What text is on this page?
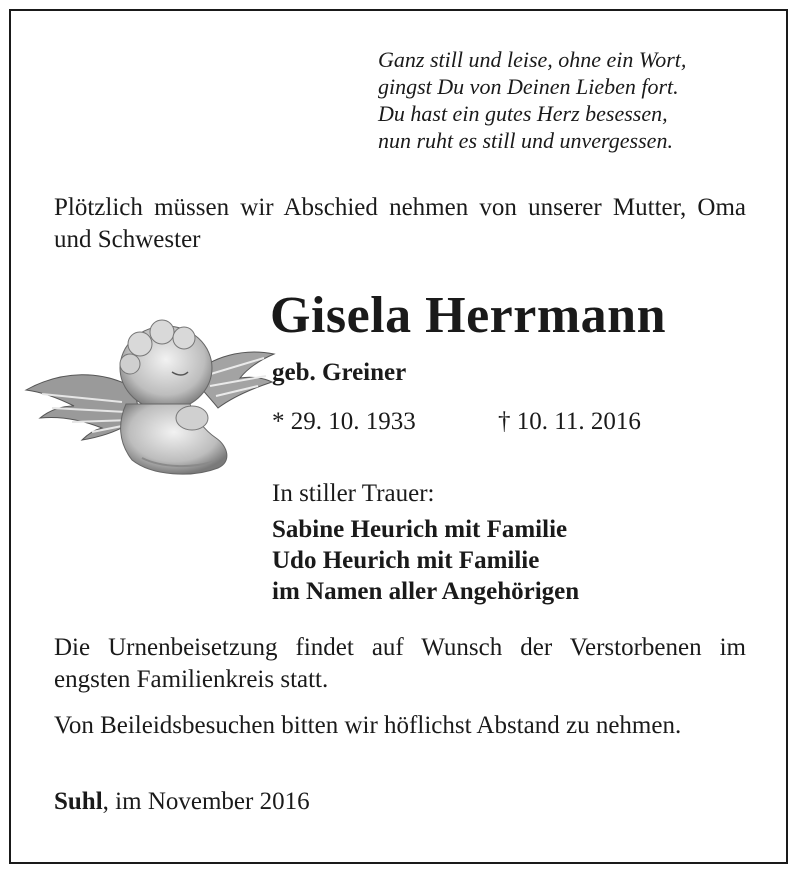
Ganz still und leise, ohne ein Wort,
gingst Du von Deinen Lieben fort.
Du hast ein gutes Herz besessen,
nun ruht es still und unvergessen.
Plötzlich müssen wir Abschied nehmen von unserer Mutter, Oma und Schwester
Gisela Herrmann
geb. Greiner
* 29. 10. 1933	† 10. 11. 2016
In stiller Trauer:
Sabine Heurich mit Familie
Udo Heurich mit Familie
im Namen aller Angehörigen
Die Urnenbeisetzung findet auf Wunsch der Verstorbenen im engsten Familienkreis statt.
Von Beileidsbesuchen bitten wir höflichst Abstand zu nehmen.
Suhl, im November 2016
